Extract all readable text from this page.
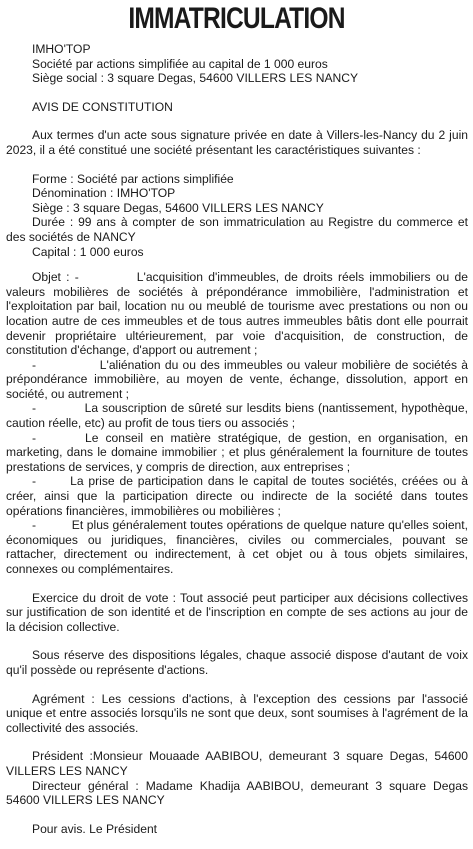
IMMATRICULATION
IMHO'TOP
Société par actions simplifiée au capital de 1 000 euros
Siège social : 3 square Degas, 54600 VILLERS LES NANCY
AVIS DE CONSTITUTION

Aux termes d'un acte sous signature privée en date à Villers-les-Nancy du 2 juin 2023, il a été constitué une société présentant les caractéristiques suivantes :

Forme : Société par actions simplifiée
Dénomination : IMHO'TOP
Siège : 3 square Degas, 54600 VILLERS LES NANCY

Durée : 99 ans à compter de son immatriculation au Registre du commerce et des sociétés de NANCY

Capital : 1 000 euros

Objet : -	L'acquisition d'immeubles, de droits réels immobiliers ou de valeurs mobilières de sociétés à prépondérance immobilière, l'administration et l'exploitation par bail, location nu ou meublé de tourisme avec prestations ou non ou location autre de ces immeubles et de tous autres immeubles bâtis dont elle pourrait devenir propriétaire ultérieurement, par voie d'acquisition, de construction, de constitution d'échange, d'apport ou autrement ;

-	L'aliénation du ou des immeubles ou valeur mobilière de sociétés à prépondérance immobilière, au moyen de vente, échange, dissolution, apport en société, ou autrement ;

-	La souscription de sûreté sur lesdits biens (nantissement, hypothèque, caution réelle, etc) au profit de tous tiers ou associés ;

-	Le conseil en matière stratégique, de gestion, en organisation, en marketing, dans le domaine immobilier ; et plus généralement la fourniture de toutes prestations de services, y compris de direction, aux entreprises ;

-	La prise de participation dans le capital de toutes sociétés, créées ou à créer, ainsi que la participation directe ou indirecte de la société dans toutes opérations financières, immobilières ou mobilières ;

-	Et plus généralement toutes opérations de quelque nature qu'elles soient, économiques ou juridiques, financières, civiles ou commerciales, pouvant se rattacher, directement ou indirectement, à cet objet ou à tous objets similaires, connexes ou complémentaires.

Exercice du droit de vote : Tout associé peut participer aux décisions collectives sur justification de son identité et de l'inscription en compte de ses actions au jour de la décision collective.

Sous réserve des dispositions légales, chaque associé dispose d'autant de voix qu'il possède ou représente d'actions.

Agrément : Les cessions d'actions, à l'exception des cessions par l'associé unique et entre associés lorsqu'ils ne sont que deux, sont soumises à l'agrément de la collectivité des associés.

Président :Monsieur Mouaade AABIBOU, demeurant 3 square Degas, 54600 VILLERS LES NANCY

Directeur général : Madame Khadija AABIBOU, demeurant 3 square Degas 54600 VILLERS LES NANCY

Pour avis. Le Président
